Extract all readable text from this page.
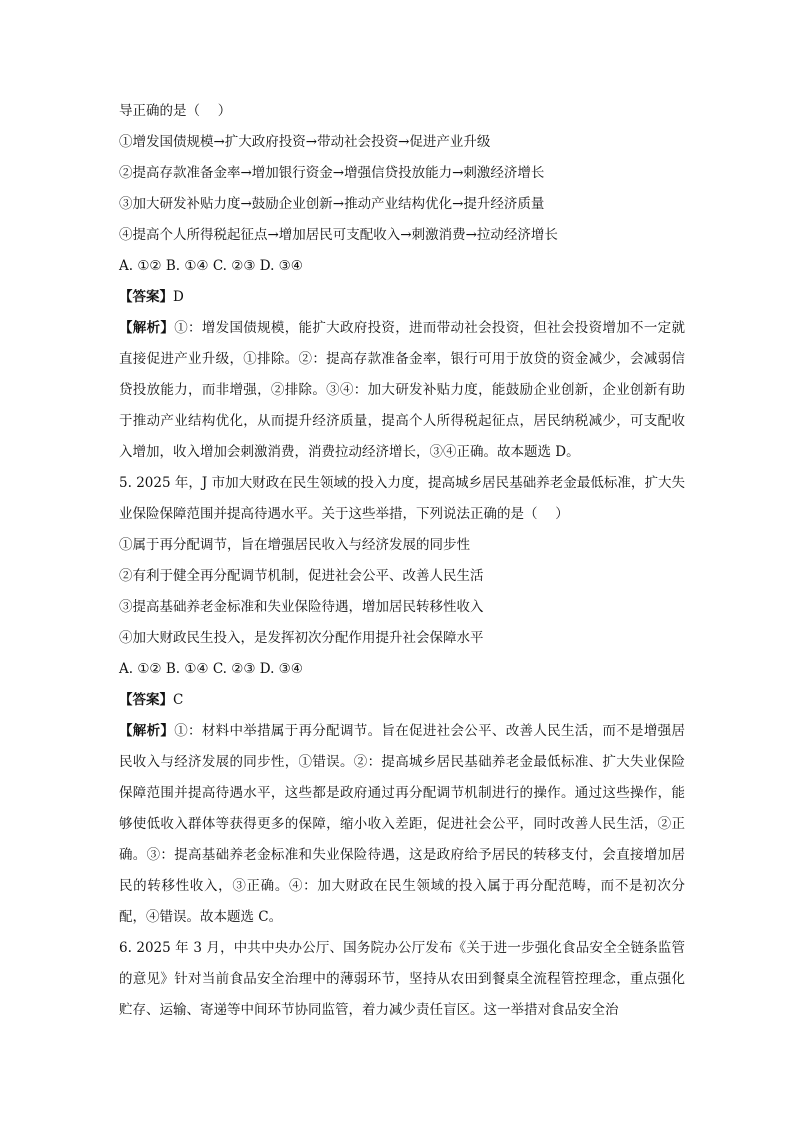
导正确的是（　 ）
①增发国债规模→扩大政府投资→带动社会投资→促进产业升级
②提高存款准备金率→增加银行资金→增强信贷投放能力→刺激经济增长
③加大研发补贴力度→鼓励企业创新→推动产业结构优化→提升经济质量
④提高个人所得税起征点→增加居民可支配收入→刺激消费→拉动经济增长
A. ①② B. ①④ C. ②③ D. ③④
【答案】D
【解析】①：增发国债规模，能扩大政府投资，进而带动社会投资，但社会投资增加不一定就直接促进产业升级，①排除。②：提高存款准备金率，银行可用于放贷的资金减少，会减弱信贷投放能力，而非增强，②排除。③④：加大研发补贴力度，能鼓励企业创新，企业创新有助于推动产业结构优化，从而提升经济质量，提高个人所得税起征点，居民纳税减少，可支配收入增加，收入增加会刺激消费，消费拉动经济增长，③④正确。故本题选 D。
5. 2025 年，J 市加大财政在民生领域的投入力度，提高城乡居民基础养老金最低标准，扩大失业保险保障范围并提高待遇水平。关于这些举措，下列说法正确的是（　 ）
①属于再分配调节，旨在增强居民收入与经济发展的同步性
②有利于健全再分配调节机制，促进社会公平、改善人民生活
③提高基础养老金标准和失业保险待遇，增加居民转移性收入
④加大财政民生投入，是发挥初次分配作用提升社会保障水平
A. ①② B. ①④ C. ②③ D. ③④
【答案】C
【解析】①：材料中举措属于再分配调节。旨在促进社会公平、改善人民生活，而不是增强居民收入与经济发展的同步性，①错误。②：提高城乡居民基础养老金最低标准、扩大失业保险保障范围并提高待遇水平，这些都是政府通过再分配调节机制进行的操作。通过这些操作，能够使低收入群体等获得更多的保障，缩小收入差距，促进社会公平，同时改善人民生活，②正确。③：提高基础养老金标准和失业保险待遇，这是政府给予居民的转移支付，会直接增加居民的转移性收入，③正确。④：加大财政在民生领域的投入属于再分配范畴，而不是初次分配，④错误。故本题选 C。
6. 2025 年 3 月，中共中央办公厅、国务院办公厅发布《关于进一步强化食品安全全链条监管的意见》针对当前食品安全治理中的薄弱环节，坚持从农田到餐桌全流程管控理念，重点强化贮存、运输、寄递等中间环节协同监管，着力减少责任盲区。这一举措对食品安全治
